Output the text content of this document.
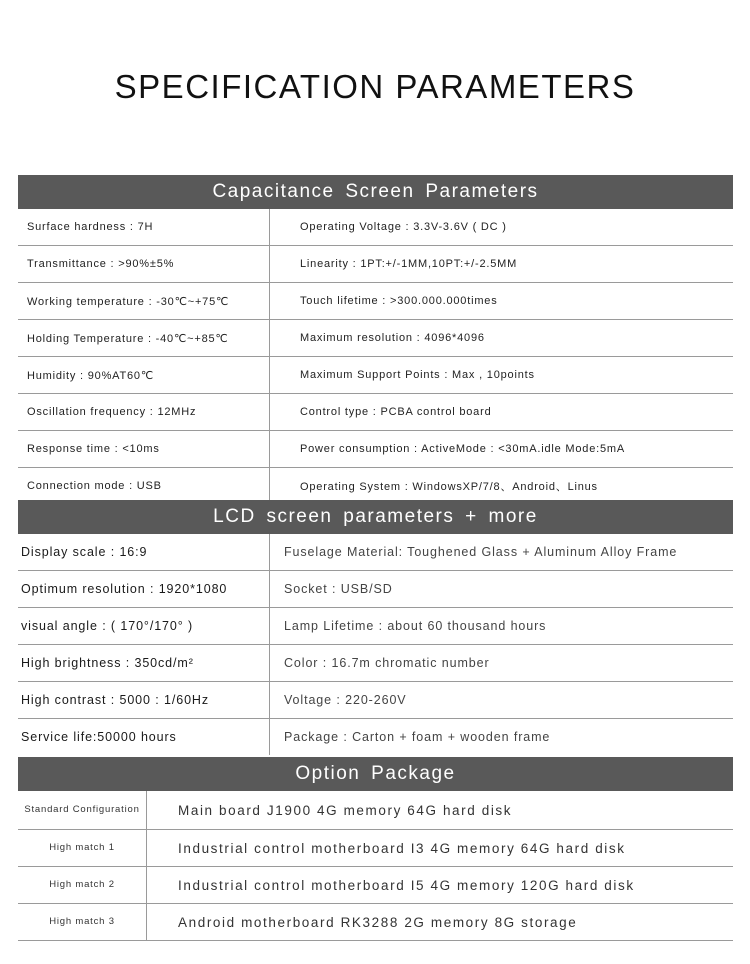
SPECIFICATION PARAMETERS
Capacitance Screen Parameters
Surface hardness : 7H	Operating Voltage : 3.3V-3.6V ( DC )
Transmittance : >90%±5%	Linearity : 1PT:+/-1MM,10PT:+/-2.5MM
Working temperature : -30℃~+75℃	Touch lifetime : >300.000.000times
Holding Temperature : -40℃~+85℃	Maximum resolution : 4096*4096
Humidity : 90%AT60℃	Maximum Support Points : Max , 10points
Oscillation frequency : 12MHz	Control type : PCBA control board
Response time : <10ms	Power consumption : ActiveMode : <30mA.idle Mode:5mA
Connection mode : USB	Operating System : WindowsXP/7/8、Android、Linus
LCD screen parameters + more
Display scale : 16:9	Fuselage Material: Toughened Glass + Aluminum Alloy Frame
Optimum resolution : 1920*1080	Socket : USB/SD
visual angle : ( 170°/170° )	Lamp Lifetime : about 60 thousand hours
High brightness : 350cd/m²	Color : 16.7m chromatic number
High contrast : 5000 : 1/60Hz	Voltage : 220-260V
Service life:50000 hours	Package : Carton + foam + wooden frame
Option Package
Standard Configuration	Main board J1900 4G memory 64G hard disk
High match 1	Industrial control motherboard I3 4G memory 64G hard disk
High match 2	Industrial control motherboard I5 4G memory 120G hard disk
High match 3	Android motherboard RK3288 2G memory 8G storage
